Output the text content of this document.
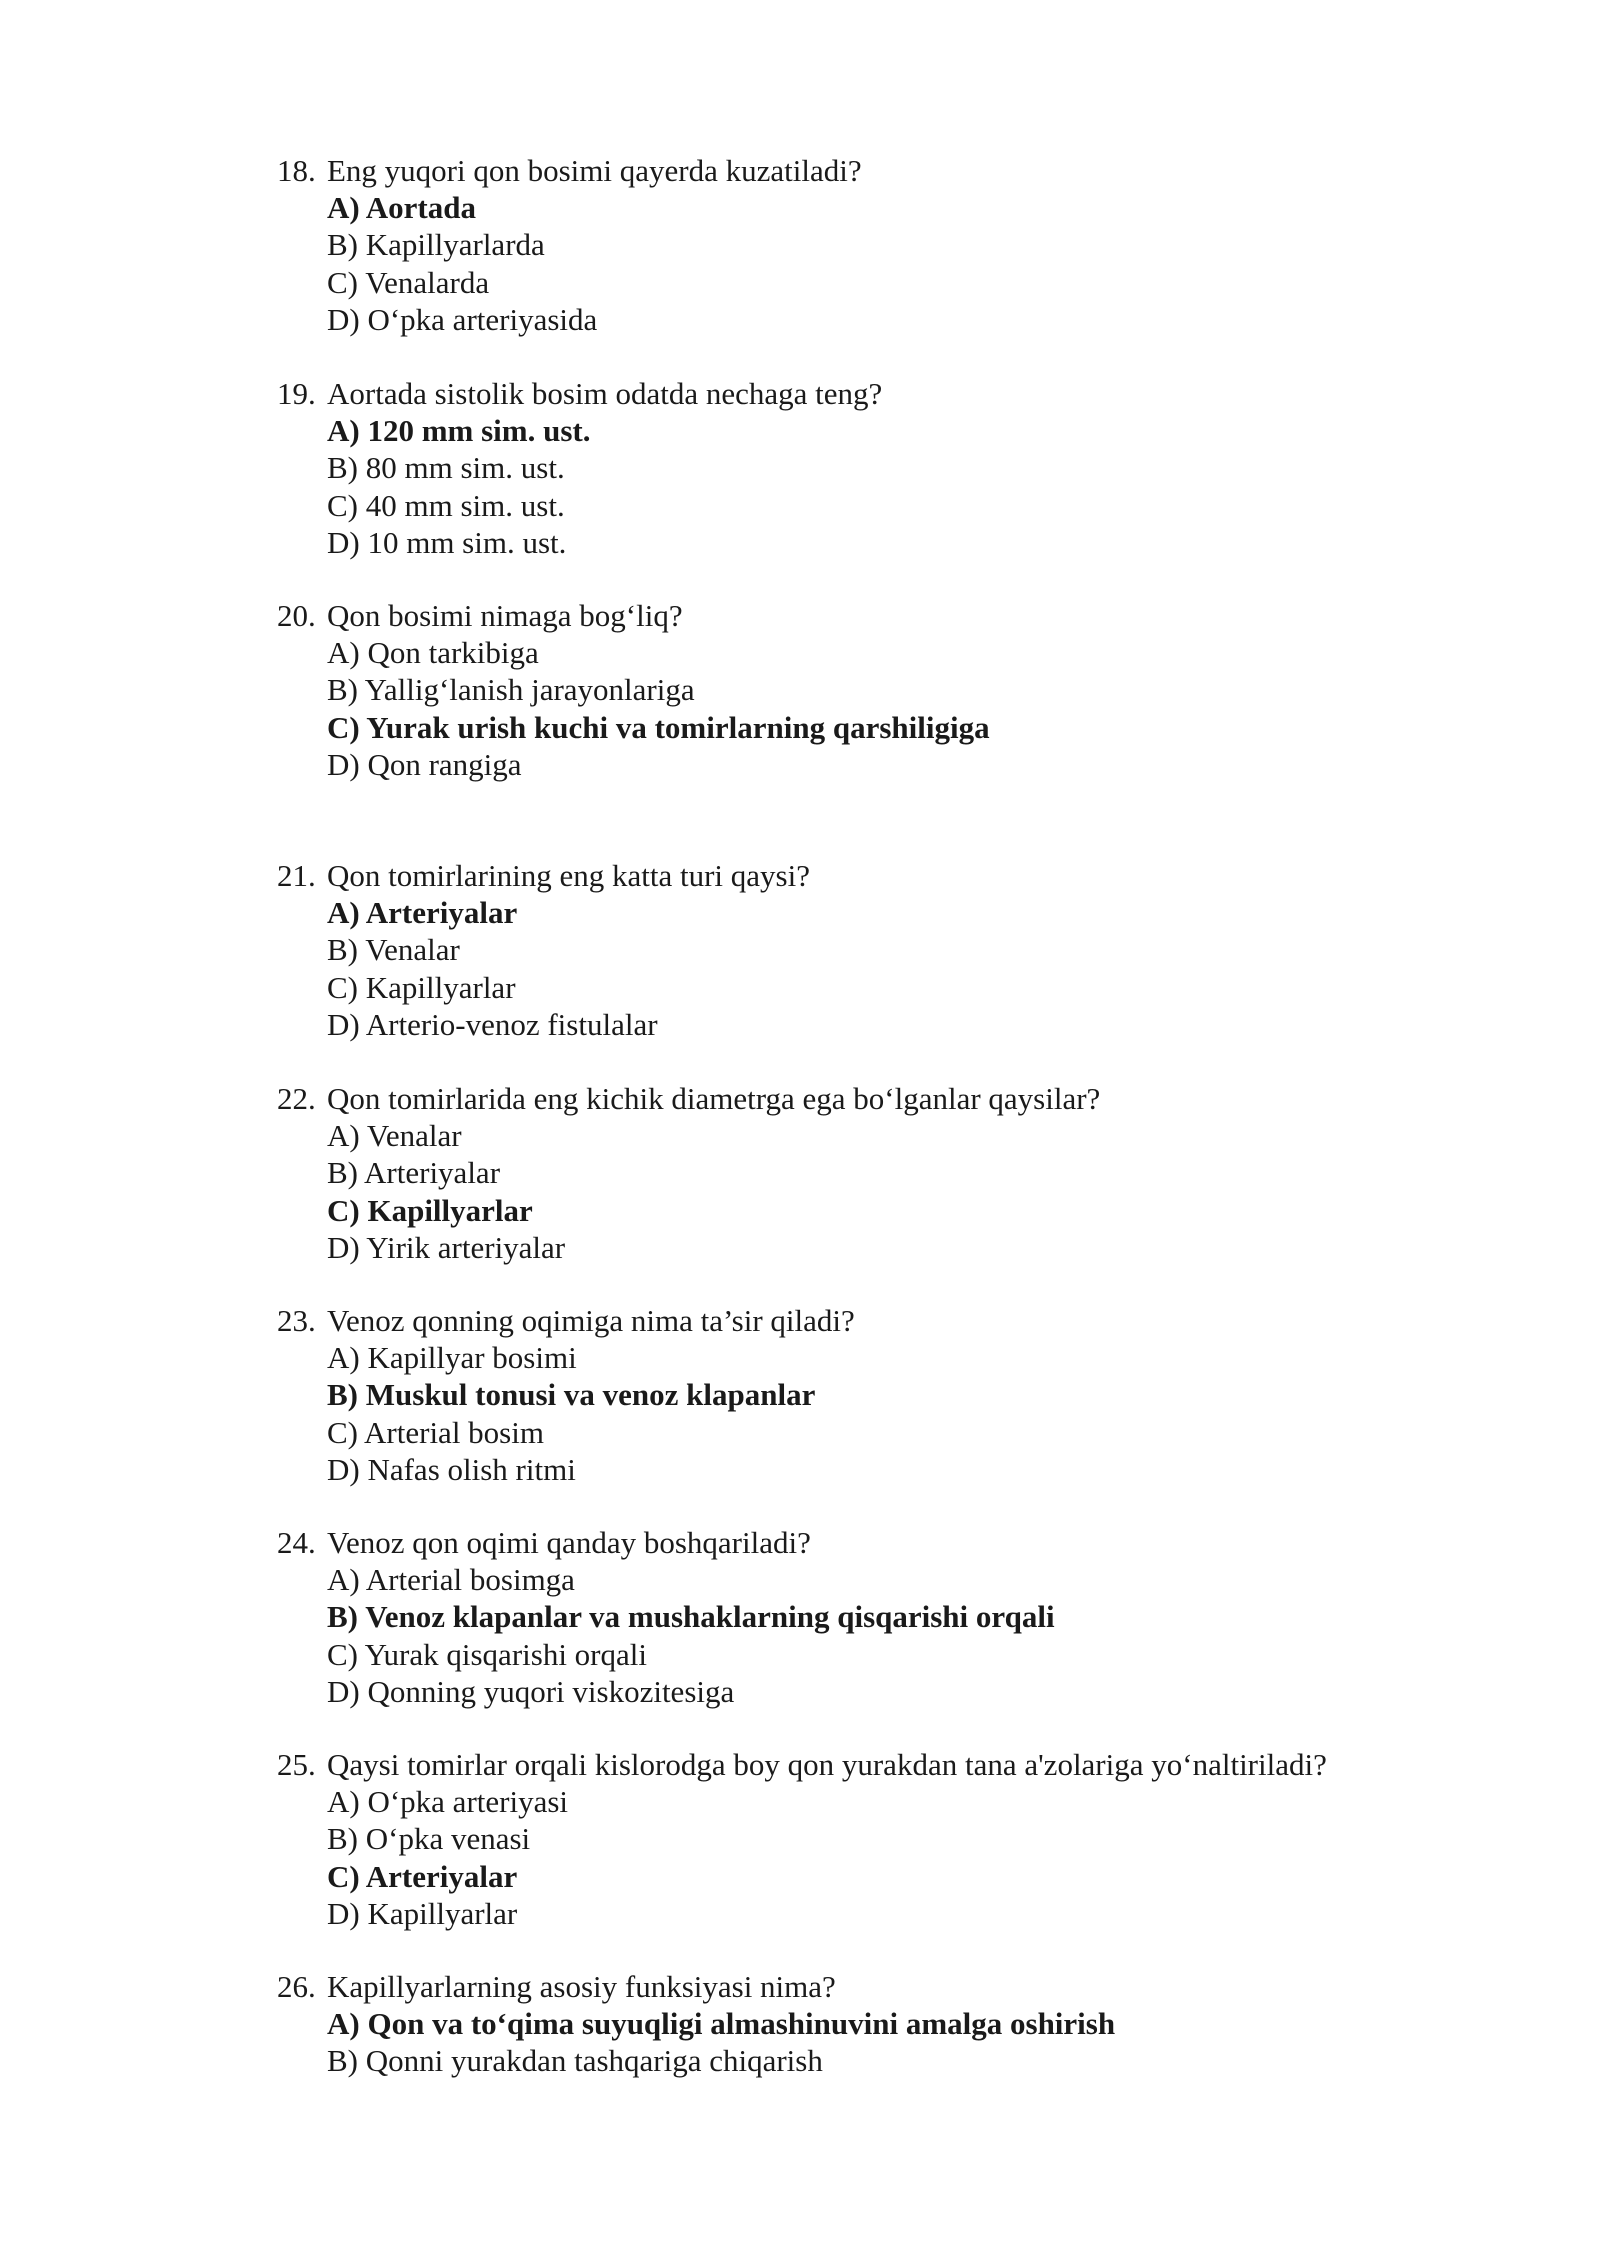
18. Eng yuqori qon bosimi qayerda kuzatiladi?
A) Aortada
B) Kapillyarlarda
C) Venalarda
D) O‘pka arteriyasida
19. Aortada sistolik bosim odatda nechaga teng?
A) 120 mm sim. ust.
B) 80 mm sim. ust.
C) 40 mm sim. ust.
D) 10 mm sim. ust.
20. Qon bosimi nimaga bog‘liq?
A) Qon tarkibiga
B) Yallig‘lanish jarayonlariga
C) Yurak urish kuchi va tomirlarning qarshiligiga
D) Qon rangiga
21. Qon tomirlarining eng katta turi qaysi?
A) Arteriyalar
B) Venalar
C) Kapillyarlar
D) Arterio-venoz fistulalar
22. Qon tomirlarida eng kichik diametrga ega bo‘lganlar qaysilar?
A) Venalar
B) Arteriyalar
C) Kapillyarlar
D) Yirik arteriyalar
23. Venoz qonning oqimiga nima ta’sir qiladi?
A) Kapillyar bosimi
B) Muskul tonusi va venoz klapanlar
C) Arterial bosim
D) Nafas olish ritmi
24. Venoz qon oqimi qanday boshqariladi?
A) Arterial bosimga
B) Venoz klapanlar va mushaklarning qisqarishi orqali
C) Yurak qisqarishi orqali
D) Qonning yuqori viskozitesiga
25. Qaysi tomirlar orqali kislorodga boy qon yurakdan tana a'zolariga yo‘naltiriladi?
A) O‘pka arteriyasi
B) O‘pka venasi
C) Arteriyalar
D) Kapillyarlar
26. Kapillyarlarning asosiy funksiyasi nima?
A) Qon va to‘qima suyuqligi almashinuvini amalga oshirish
B) Qonni yurakdan tashqariga chiqarish
